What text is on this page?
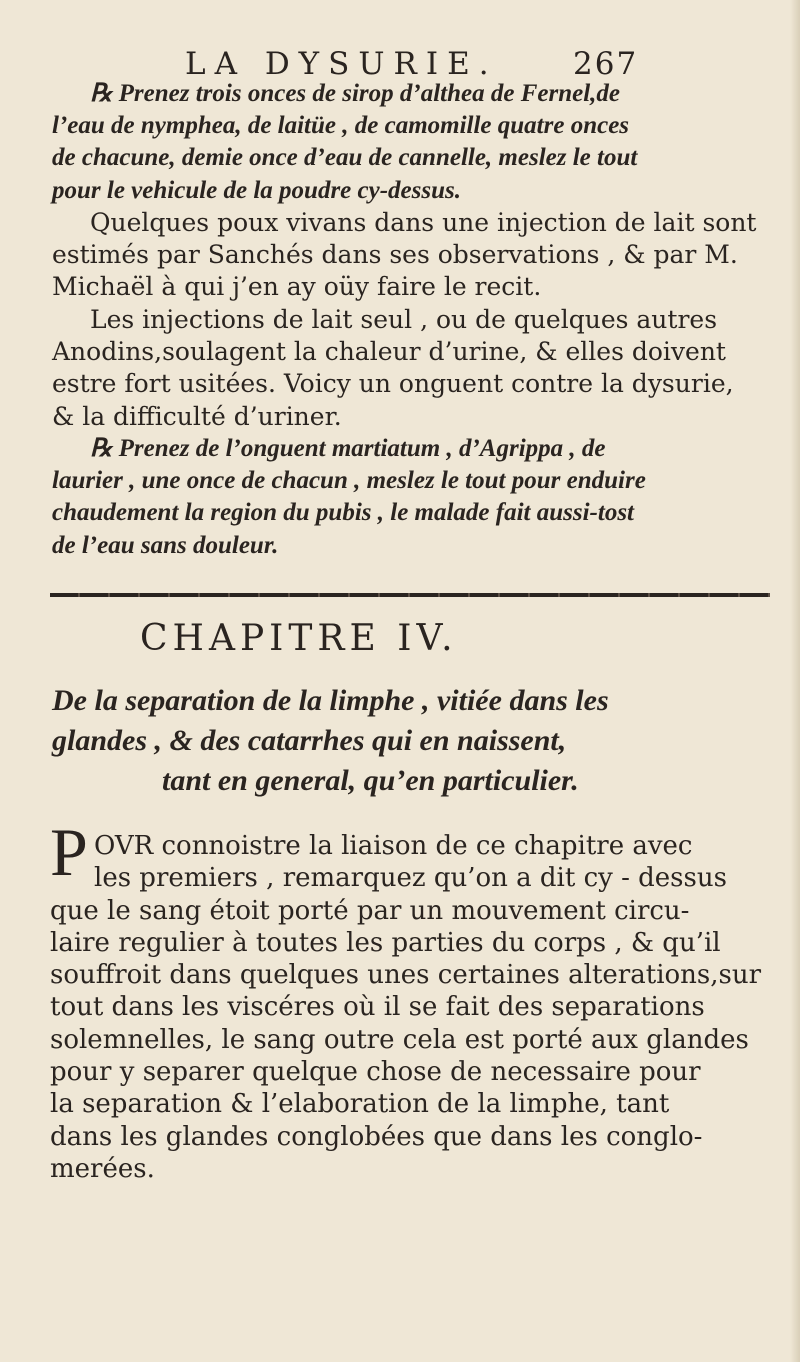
LA DYSURIE. 267
℞ Prenez trois onces de sirop d’althea de Fernel,de
l’eau de nymphea, de laitüe , de camomille quatre onces
de chacune, demie once d’eau de cannelle, meslez le tout
pour le vehicule de la poudre cy-dessus.
Quelques poux vivans dans une injection de lait sont
estimés par Sanchés dans ses observations , & par M.
Michaël à qui j’en ay oüy faire le recit.
Les injections de lait seul , ou de quelques autres
Anodins,soulagent la chaleur d’urine, & elles doivent
estre fort usitées. Voicy un onguent contre la dysurie,
& la difficulté d’uriner.
℞ Prenez de l’onguent martiatum , d’Agrippa , de
laurier , une once de chacun , meslez le tout pour enduire
chaudement la region du pubis , le malade fait aussi-tost
de l’eau sans douleur.
CHAPITRE IV.
De la separation de la limphe , vitiée dans les
glandes , & des catarrhes qui en naissent,
tant en general, qu’en particulier.
P OVR connoistre la liaison de ce chapitre avec
les premiers , remarquez qu’on a dit cy - dessus
que le sang étoit porté par un mouvement circu-
laire regulier à toutes les parties du corps , & qu’il
souffroit dans quelques unes certaines alterations,sur
tout dans les viscéres où il se fait des separations
solemnelles, le sang outre cela est porté aux glandes
pour y separer quelque chose de necessaire pour
la separation & l’elaboration de la limphe, tant
dans les glandes conglobées que dans les conglo-
merées.
